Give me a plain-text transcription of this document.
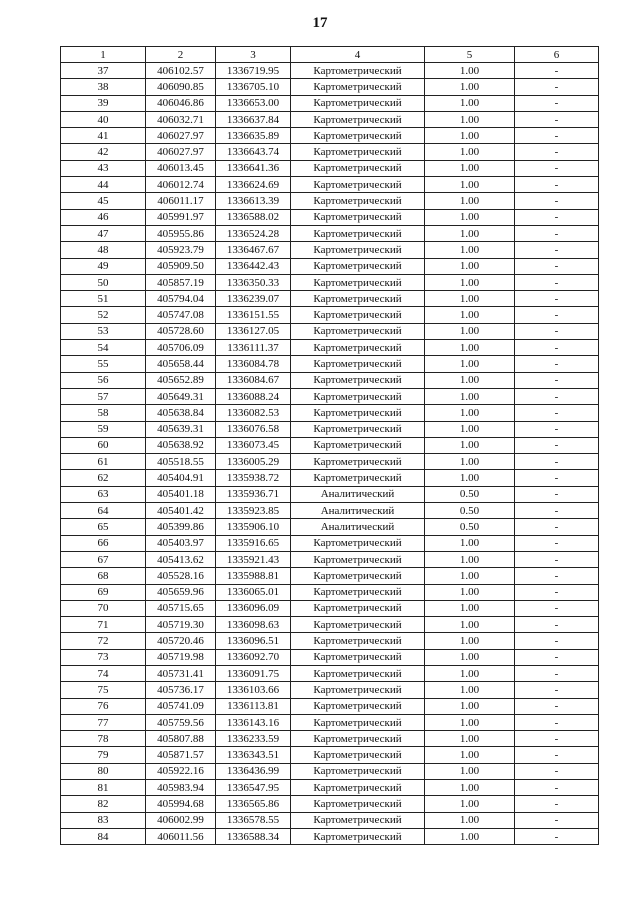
17
1	2	3	4	5	6
37	406102.57	1336719.95	Картометрический	1.00	-
38	406090.85	1336705.10	Картометрический	1.00	-
39	406046.86	1336653.00	Картометрический	1.00	-
40	406032.71	1336637.84	Картометрический	1.00	-
41	406027.97	1336635.89	Картометрический	1.00	-
42	406027.97	1336643.74	Картометрический	1.00	-
43	406013.45	1336641.36	Картометрический	1.00	-
44	406012.74	1336624.69	Картометрический	1.00	-
45	406011.17	1336613.39	Картометрический	1.00	-
46	405991.97	1336588.02	Картометрический	1.00	-
47	405955.86	1336524.28	Картометрический	1.00	-
48	405923.79	1336467.67	Картометрический	1.00	-
49	405909.50	1336442.43	Картометрический	1.00	-
50	405857.19	1336350.33	Картометрический	1.00	-
51	405794.04	1336239.07	Картометрический	1.00	-
52	405747.08	1336151.55	Картометрический	1.00	-
53	405728.60	1336127.05	Картометрический	1.00	-
54	405706.09	1336111.37	Картометрический	1.00	-
55	405658.44	1336084.78	Картометрический	1.00	-
56	405652.89	1336084.67	Картометрический	1.00	-
57	405649.31	1336088.24	Картометрический	1.00	-
58	405638.84	1336082.53	Картометрический	1.00	-
59	405639.31	1336076.58	Картометрический	1.00	-
60	405638.92	1336073.45	Картометрический	1.00	-
61	405518.55	1336005.29	Картометрический	1.00	-
62	405404.91	1335938.72	Картометрический	1.00	-
63	405401.18	1335936.71	Аналитический	0.50	-
64	405401.42	1335923.85	Аналитический	0.50	-
65	405399.86	1335906.10	Аналитический	0.50	-
66	405403.97	1335916.65	Картометрический	1.00	-
67	405413.62	1335921.43	Картометрический	1.00	-
68	405528.16	1335988.81	Картометрический	1.00	-
69	405659.96	1336065.01	Картометрический	1.00	-
70	405715.65	1336096.09	Картометрический	1.00	-
71	405719.30	1336098.63	Картометрический	1.00	-
72	405720.46	1336096.51	Картометрический	1.00	-
73	405719.98	1336092.70	Картометрический	1.00	-
74	405731.41	1336091.75	Картометрический	1.00	-
75	405736.17	1336103.66	Картометрический	1.00	-
76	405741.09	1336113.81	Картометрический	1.00	-
77	405759.56	1336143.16	Картометрический	1.00	-
78	405807.88	1336233.59	Картометрический	1.00	-
79	405871.57	1336343.51	Картометрический	1.00	-
80	405922.16	1336436.99	Картометрический	1.00	-
81	405983.94	1336547.95	Картометрический	1.00	-
82	405994.68	1336565.86	Картометрический	1.00	-
83	406002.99	1336578.55	Картометрический	1.00	-
84	406011.56	1336588.34	Картометрический	1.00	-
